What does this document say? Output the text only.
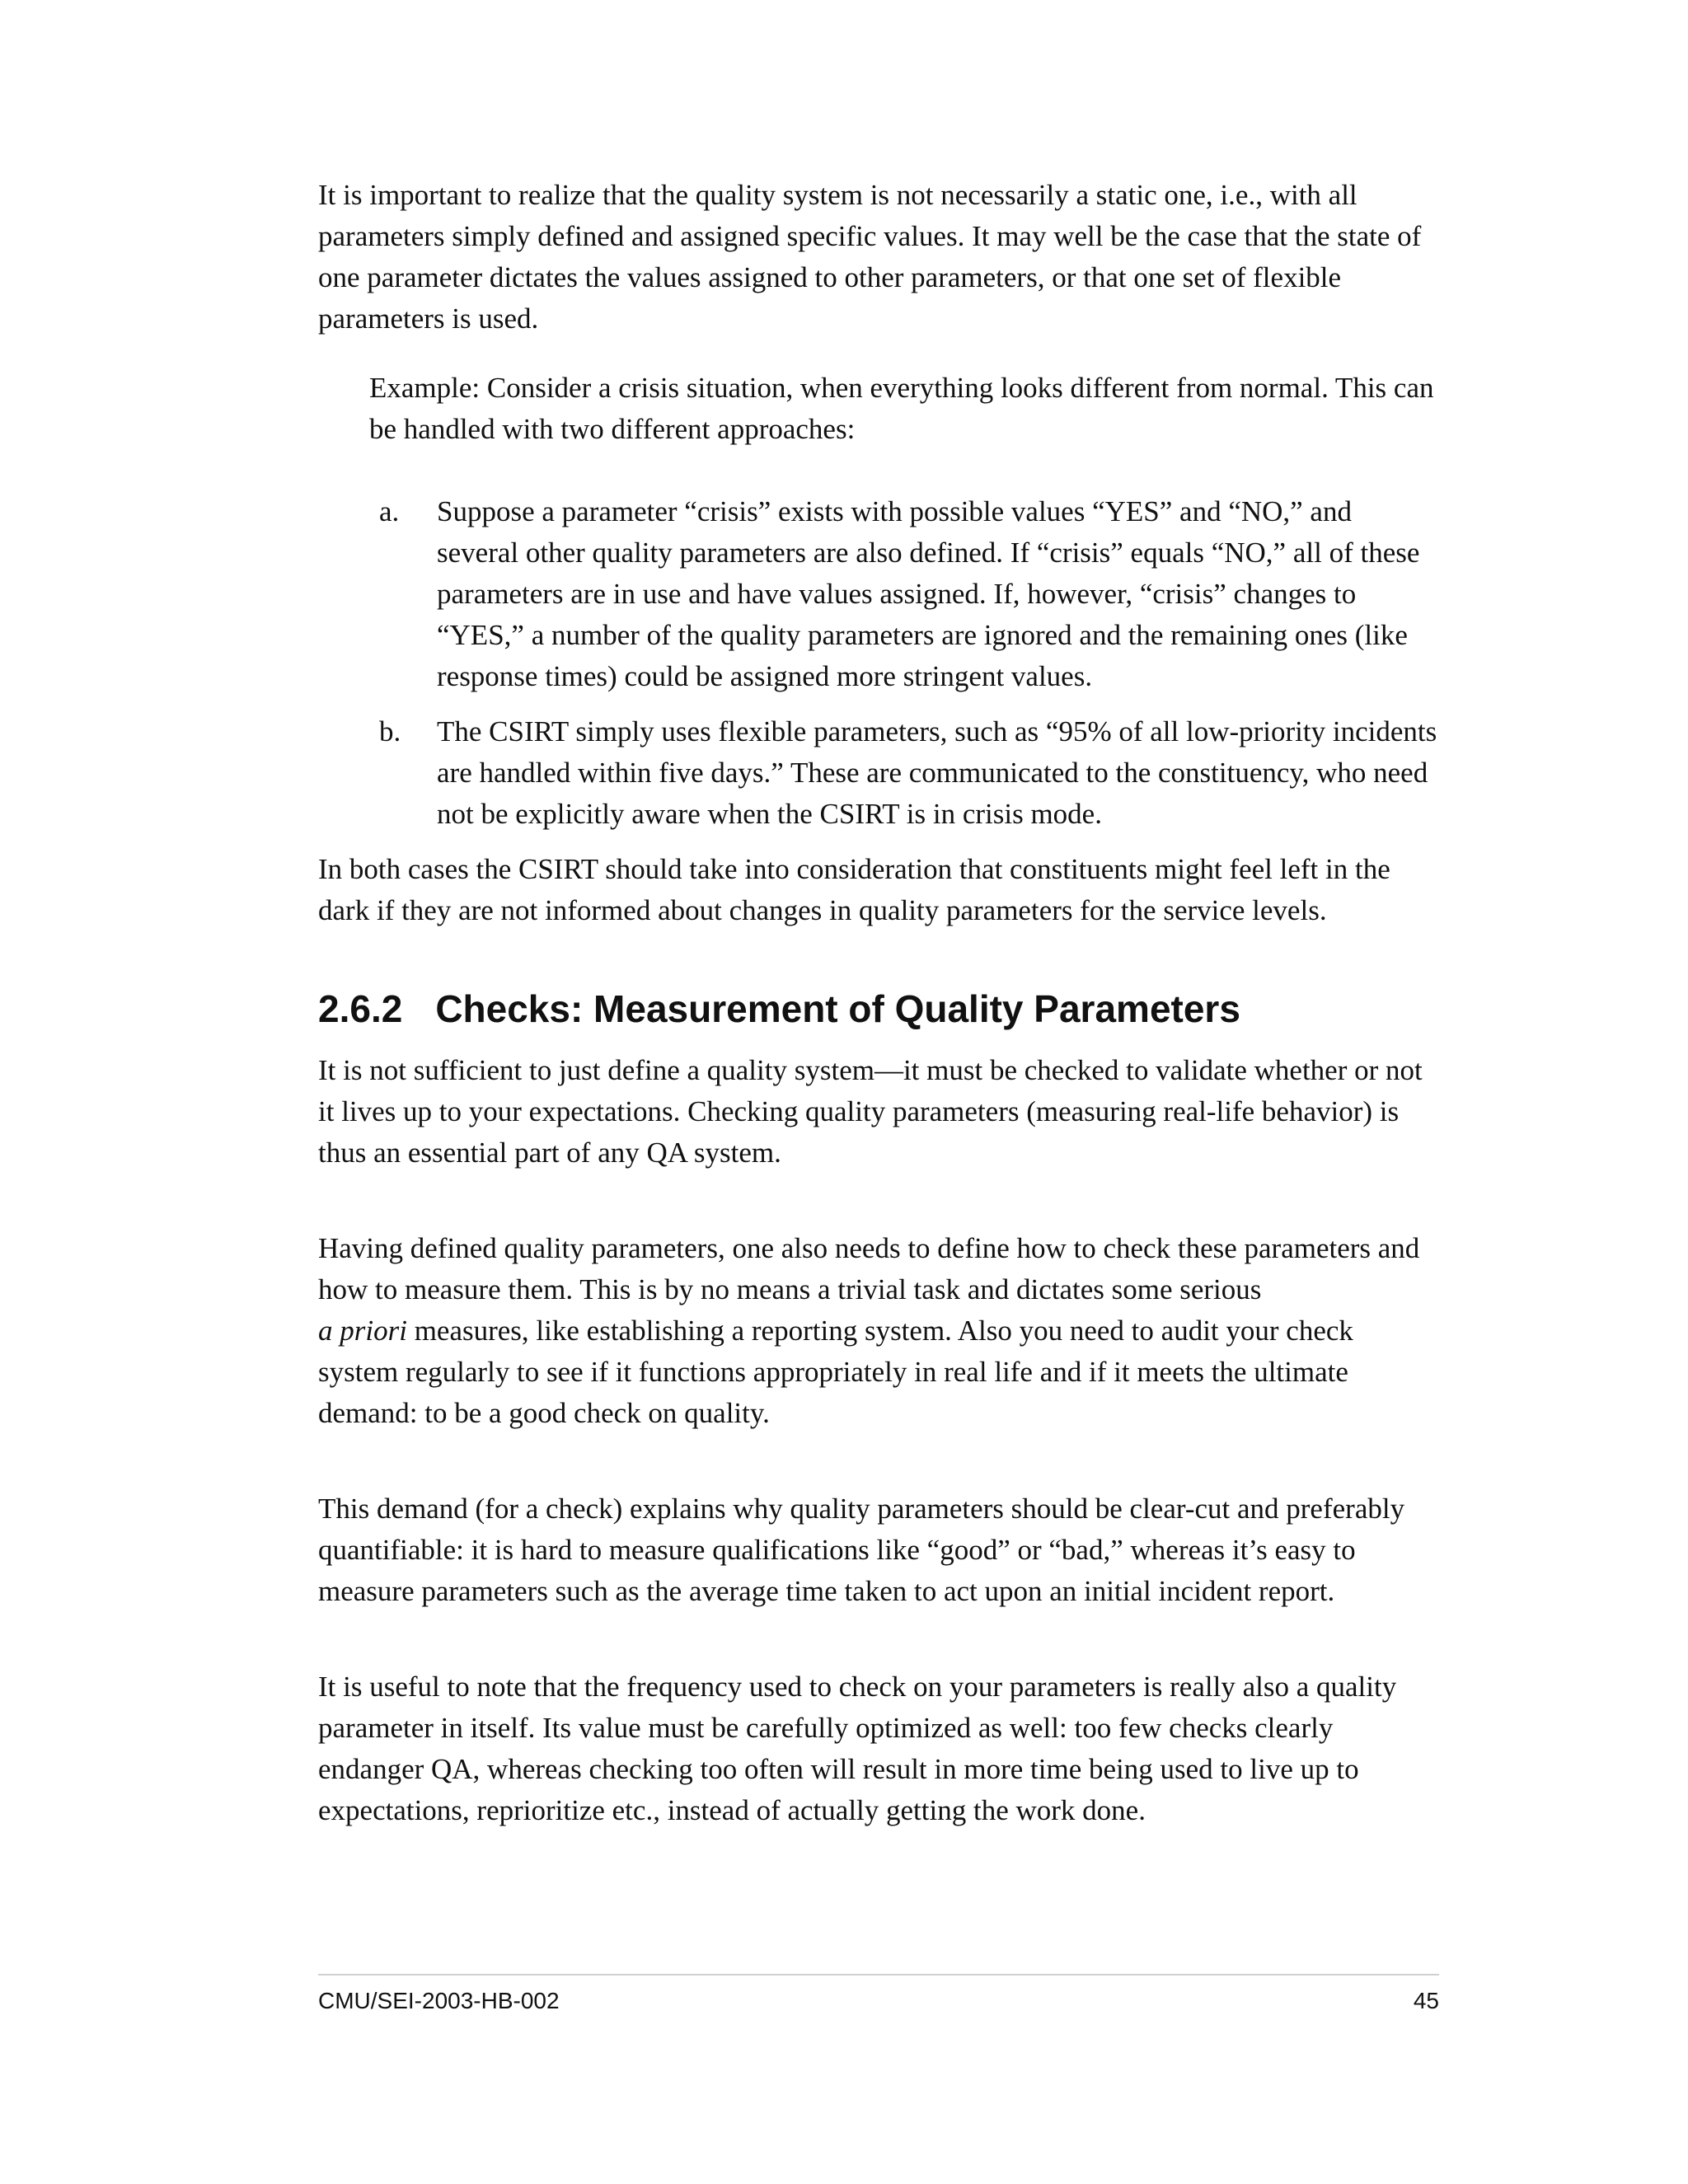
It is important to realize that the quality system is not necessarily a static one, i.e., with all parameters simply defined and assigned specific values. It may well be the case that the state of one parameter dictates the values assigned to other parameters, or that one set of flexible parameters is used.

Example: Consider a crisis situation, when everything looks different from normal. This can be handled with two different approaches:

a.	Suppose a parameter “crisis” exists with possible values “YES” and “NO,” and several other quality parameters are also defined. If “crisis” equals “NO,” all of these parameters are in use and have values assigned. If, however, “crisis” changes to “YES,” a number of the quality parameters are ignored and the remaining ones (like response times) could be assigned more stringent values.
b.	The CSIRT simply uses flexible parameters, such as “95% of all low-priority incidents are handled within five days.” These are communicated to the constituency, who need not be explicitly aware when the CSIRT is in crisis mode.

In both cases the CSIRT should take into consideration that constituents might feel left in the dark if they are not informed about changes in quality parameters for the service levels.

2.6.2 Checks: Measurement of Quality Parameters

It is not sufficient to just define a quality system—it must be checked to validate whether or not it lives up to your expectations. Checking quality parameters (measuring real-life behavior) is thus an essential part of any QA system.

Having defined quality parameters, one also needs to define how to check these parameters and how to measure them. This is by no means a trivial task and dictates some serious
a priori measures, like establishing a reporting system. Also you need to audit your check system regularly to see if it functions appropriately in real life and if it meets the ultimate demand: to be a good check on quality.

This demand (for a check) explains why quality parameters should be clear-cut and preferably quantifiable: it is hard to measure qualifications like “good” or “bad,” whereas it’s easy to measure parameters such as the average time taken to act upon an initial incident report.

It is useful to note that the frequency used to check on your parameters is really also a quality parameter in itself. Its value must be carefully optimized as well: too few checks clearly endanger QA, whereas checking too often will result in more time being used to live up to expectations, reprioritize etc., instead of actually getting the work done.

CMU/SEI-2003-HB-002	45
